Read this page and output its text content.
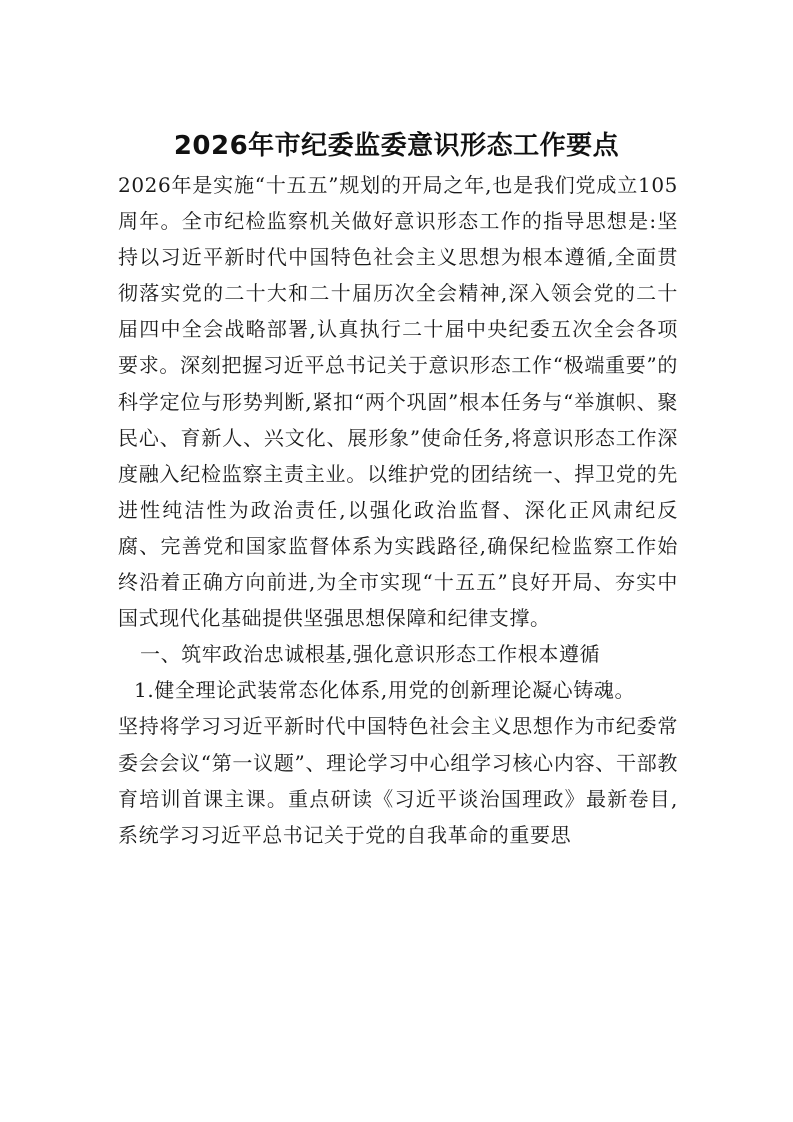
2026年市纪委监委意识形态工作要点

2026年是实施“十五五”规划的开局之年,也是我们党成立105周年。全市纪检监察机关做好意识形态工作的指导思想是:坚持以习近平新时代中国特色社会主义思想为根本遵循,全面贯彻落实党的二十大和二十届历次全会精神,深入领会党的二十届四中全会战略部署,认真执行二十届中央纪委五次全会各项要求。深刻把握习近平总书记关于意识形态工作“极端重要”的科学定位与形势判断,紧扣“两个巩固”根本任务与“举旗帜、聚民心、育新人、兴文化、展形象”使命任务,将意识形态工作深度融入纪检监察主责主业。以维护党的团结统一、捍卫党的先进性纯洁性为政治责任,以强化政治监督、深化正风肃纪反腐、完善党和国家监督体系为实践路径,确保纪检监察工作始终沿着正确方向前进,为全市实现“十五五”良好开局、夯实中国式现代化基础提供坚强思想保障和纪律支撑。

一、筑牢政治忠诚根基,强化意识形态工作根本遵循

1.健全理论武装常态化体系,用党的创新理论凝心铸魂。

坚持将学习习近平新时代中国特色社会主义思想作为市纪委常委会会议“第一议题”、理论学习中心组学习核心内容、干部教育培训首课主课。重点研读《习近平谈治国理政》最新卷目,系统学习习近平总书记关于党的自我革命的重要思
